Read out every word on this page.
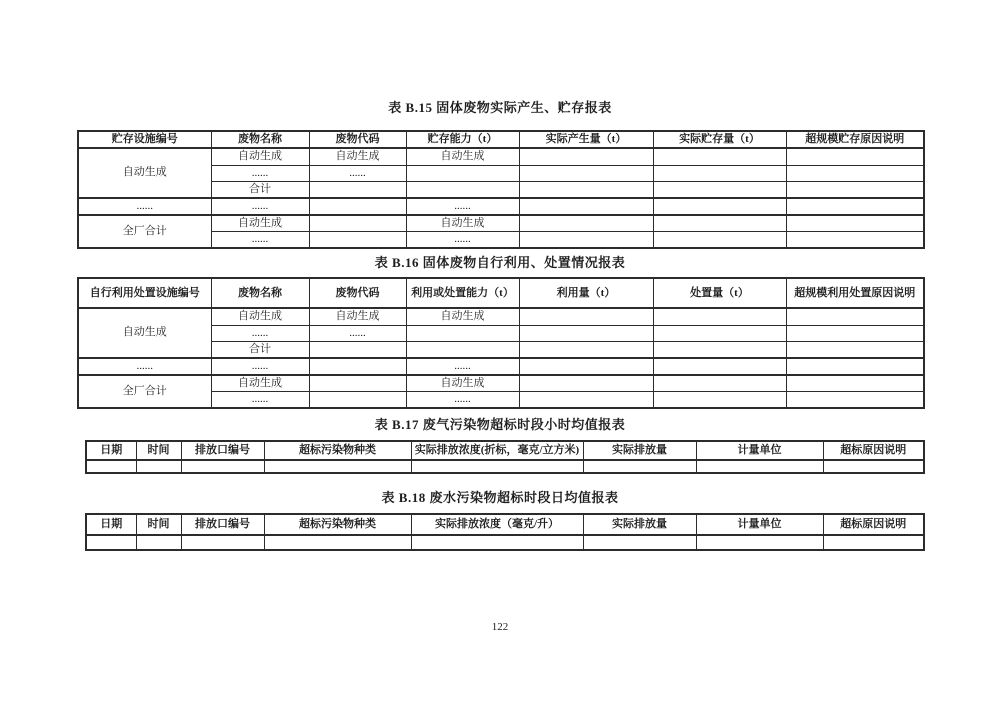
表 B.15 固体废物实际产生、贮存报表
贮存设施编号	废物名称	废物代码	贮存能力（t）	实际产生量（t）	实际贮存量（t）	超规模贮存原因说明
自动生成	自动生成	自动生成	自动生成			
	......	......				
	合计					
......	......		......			
全厂合计	自动生成		自动生成			
	......		......			
表 B.16 固体废物自行利用、处置情况报表
自行利用处置设施编号	废物名称	废物代码	利用或处置能力（t）	利用量（t）	处置量（t）	超规模利用处置原因说明
自动生成	自动生成	自动生成	自动生成			
	......	......				
	合计					
......	......		......			
全厂合计	自动生成		自动生成			
	......		......			
表 B.17 废气污染物超标时段小时均值报表
日期	时间	排放口编号	超标污染物种类	实际排放浓度(折标，毫克/立方米)	实际排放量	计量单位	超标原因说明

表 B.18 废水污染物超标时段日均值报表
日期	时间	排放口编号	超标污染物种类	实际排放浓度（毫克/升）	实际排放量	计量单位	超标原因说明

122
